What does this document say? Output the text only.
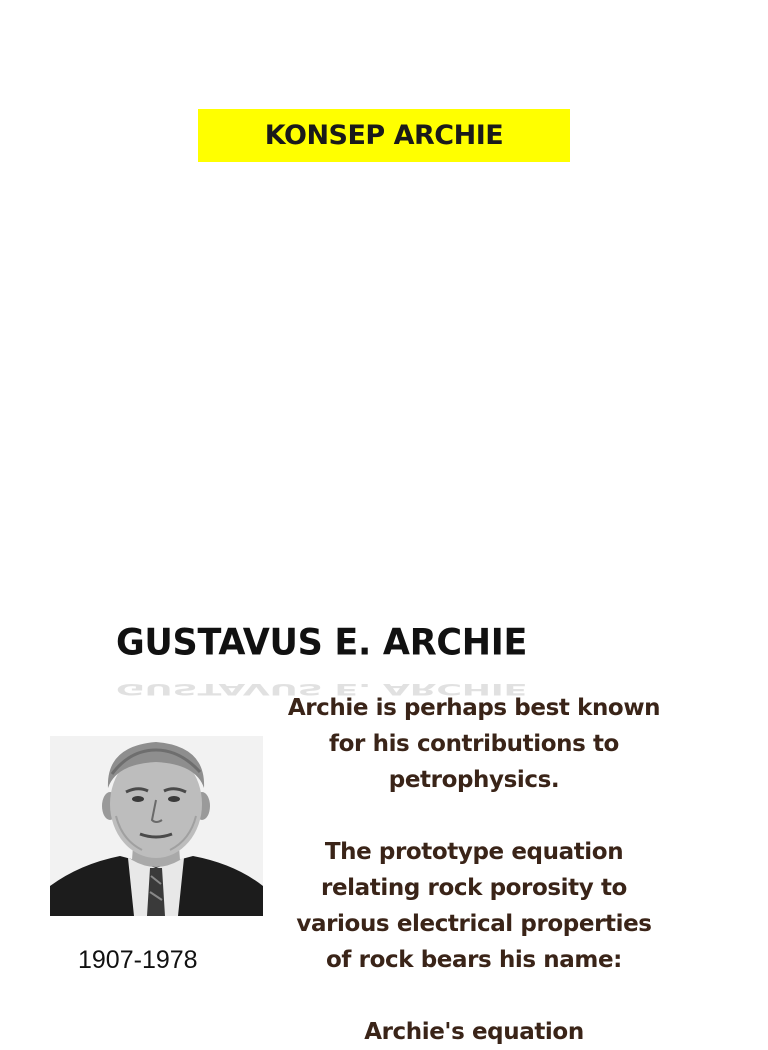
KONSEP ARCHIE
GUSTAVUS E. ARCHIE
GUSTAVUS E. ARCHIE

Archie is perhaps best known for his contributions to petrophysics.

The prototype equation relating rock porosity to various electrical properties of rock bears his name:

Archie's equation

1907-1978
